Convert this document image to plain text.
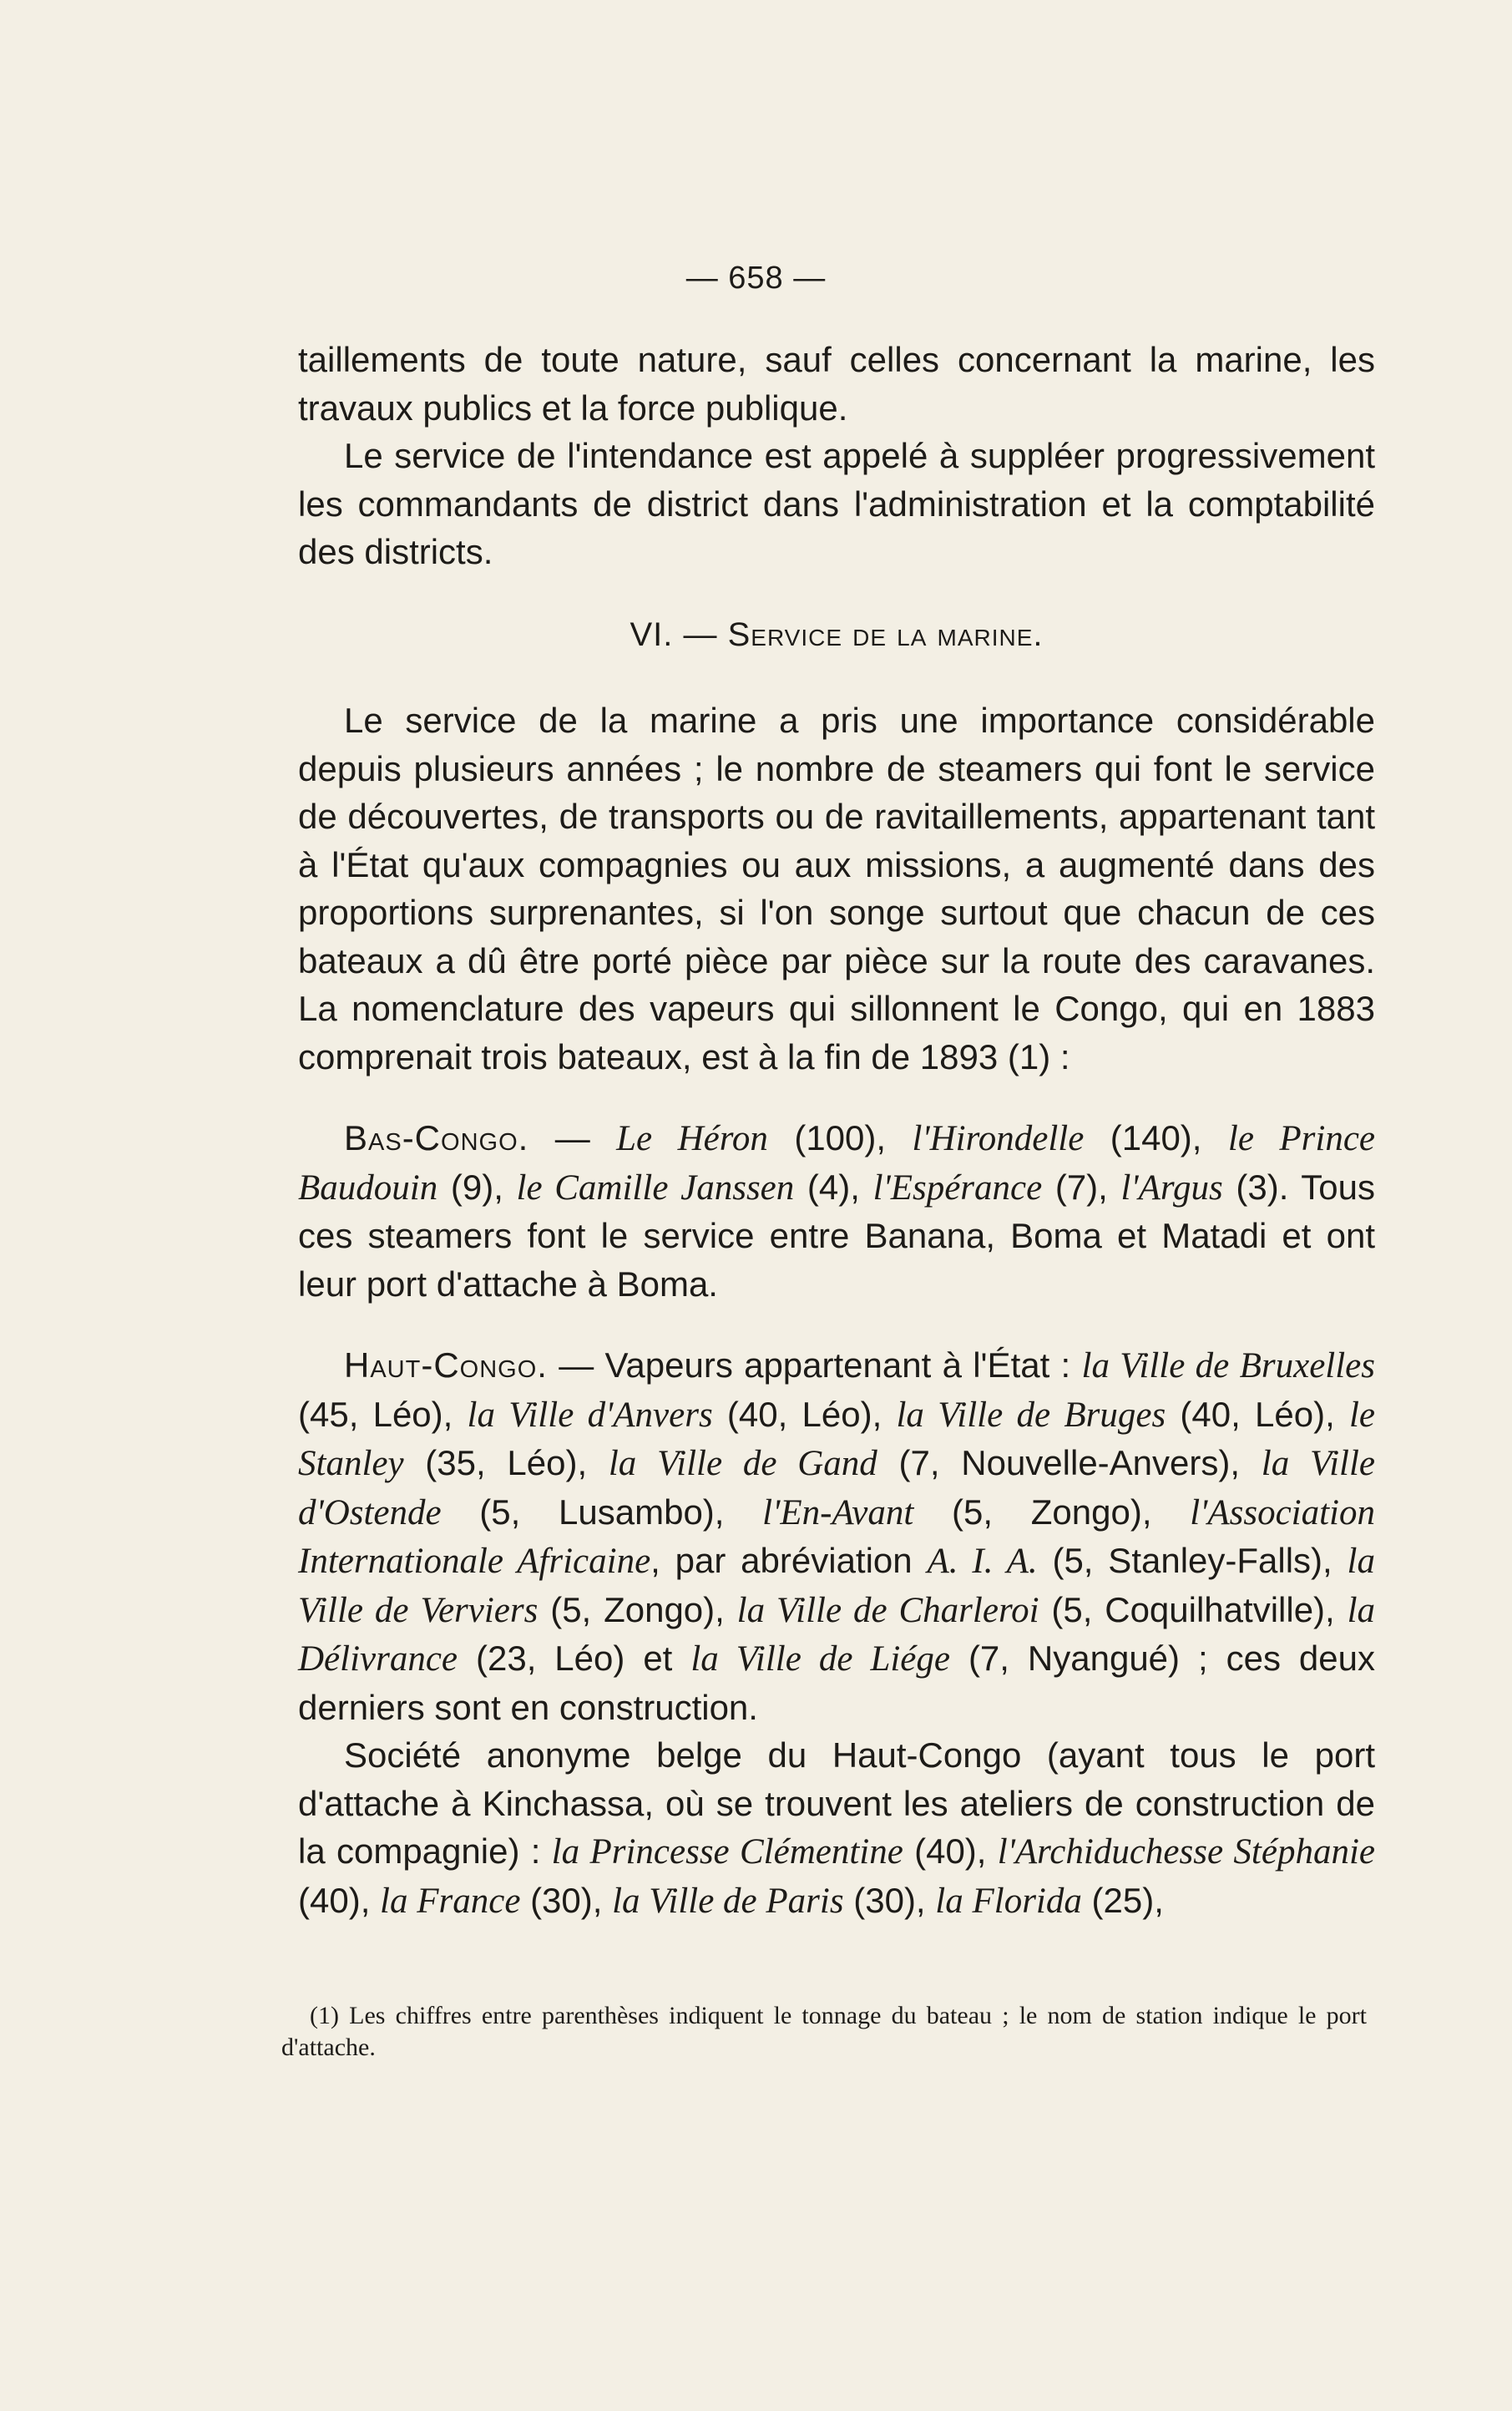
— 658 —

taillements de toute nature, sauf celles concernant la marine, les travaux publics et la force publique.

Le service de l'intendance est appelé à suppléer progressivement les commandants de district dans l'administration et la comptabilité des districts.

VI. — Service de la marine.

Le service de la marine a pris une importance considérable depuis plusieurs années ; le nombre de steamers qui font le service de découvertes, de transports ou de ravitaillements, appartenant tant à l'État qu'aux compagnies ou aux missions, a augmenté dans des proportions surprenantes, si l'on songe surtout que chacun de ces bateaux a dû être porté pièce par pièce sur la route des caravanes. La nomenclature des vapeurs qui sillonnent le Congo, qui en 1883 comprenait trois bateaux, est à la fin de 1893 (1) :

Bas-Congo. — Le Héron (100), l'Hirondelle (140), le Prince Baudouin (9), le Camille Janssen (4), l'Espérance (7), l'Argus (3). Tous ces steamers font le service entre Banana, Boma et Matadi et ont leur port d'attache à Boma.

Haut-Congo. — Vapeurs appartenant à l'État : la Ville de Bruxelles (45, Léo), la Ville d'Anvers (40, Léo), la Ville de Bruges (40, Léo), le Stanley (35, Léo), la Ville de Gand (7, Nouvelle-Anvers), la Ville d'Ostende (5, Lusambo), l'En-Avant (5, Zongo), l'Association Internationale Africaine, par abréviation A. I. A. (5, Stanley-Falls), la Ville de Verviers (5, Zongo), la Ville de Charleroi (5, Coquilhatville), la Délivrance (23, Léo) et la Ville de Liége (7, Nyangué) ; ces deux derniers sont en construction.

Société anonyme belge du Haut-Congo (ayant tous le port d'attache à Kinchassa, où se trouvent les ateliers de construction de la compagnie) : la Princesse Clémentine (40), l'Archiduchesse Stéphanie (40), la France (30), la Ville de Paris (30), la Florida (25),

(1) Les chiffres entre parenthèses indiquent le tonnage du bateau ; le nom de station indique le port d'attache.
